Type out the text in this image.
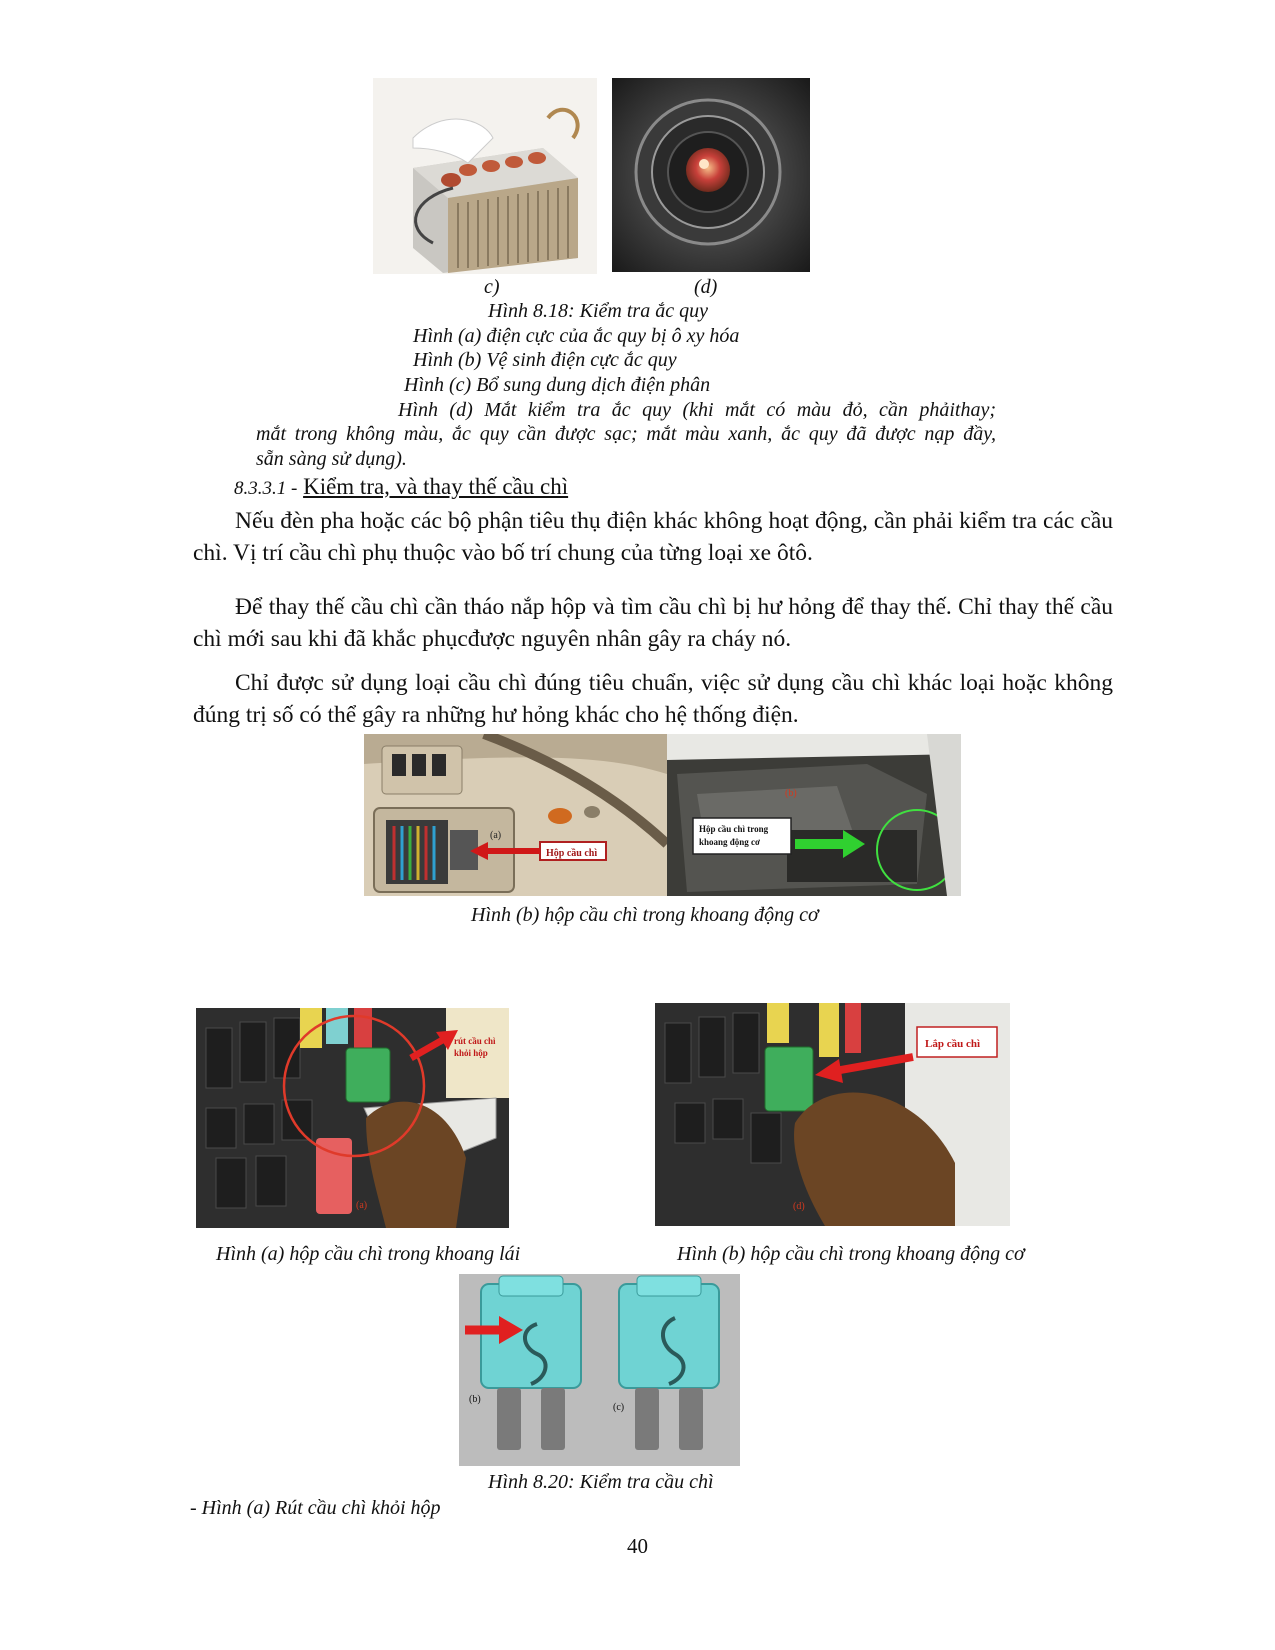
c)	(d)
Hình 8.18: Kiểm tra ắc quy
Hình (a) điện cực của ắc quy bị ô xy hóa
Hình (b) Vệ sinh điện cực ắc quy
Hình (c) Bổ sung dung dịch điện phân
Hình (d) Mắt kiểm tra ắc quy (khi mắt có màu đỏ, cần phảithay;
mắt trong không màu, ắc quy cần được sạc; mắt màu xanh, ắc quy đã được nạp đầy,
sẵn sàng sử dụng).
8.3.3.1 - Kiểm tra, và thay thế cầu chì

Nếu đèn pha hoặc các bộ phận tiêu thụ điện khác không hoạt động, cần phải kiểm tra các cầu chì. Vị trí cầu chì phụ thuộc vào bố trí chung của từng loại xe ôtô.

Để thay thế cầu chì cần tháo nắp hộp và tìm cầu chì bị hư hỏng để thay thế. Chỉ thay thế cầu chì mới sau khi đã khắc phụcđược nguyên nhân gây ra cháy nó.

Chỉ được sử dụng loại cầu chì đúng tiêu chuẩn, việc sử dụng cầu chì khác loại hoặc không đúng trị số có thể gây ra những hư hỏng khác cho hệ thống điện.

Hộp cầu chì
(a)
(b)
Hộp cầu chì trong
khoang động cơ
Hình (b) hộp cầu chì trong khoang động cơ
rút cầu chì
khỏi hộp
(a)
Lắp cầu chì
(d)
Hình (a) hộp cầu chì trong khoang lái	Hình (b) hộp cầu chì trong khoang động cơ
(b)
(c)
Hình 8.20: Kiểm tra cầu chì
- Hình (a) Rút cầu chì khỏi hộp
40
